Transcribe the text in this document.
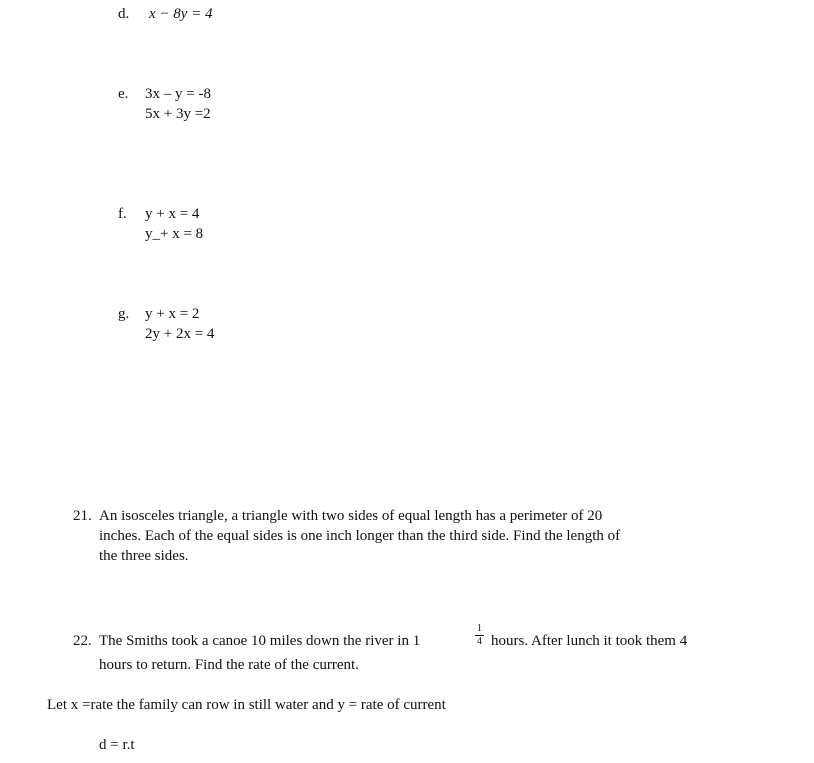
d. x − 8y = 4
e. 3x – y = -8
5x + 3y =2
f. y + x = 4
y_+ x = 8
g. y + x = 2
2y + 2x = 4
21. An isosceles triangle, a triangle with two sides of equal length has a perimeter of 20
inches. Each of the equal sides is one inch longer than the third side. Find the length of
the three sides.
22. The Smiths took a canoe 10 miles down the river in 1
1
4 hours. After lunch it took them 4
hours to return. Find the rate of the current.
Let x =rate the family can row in still water and y = rate of current
d = r.t
